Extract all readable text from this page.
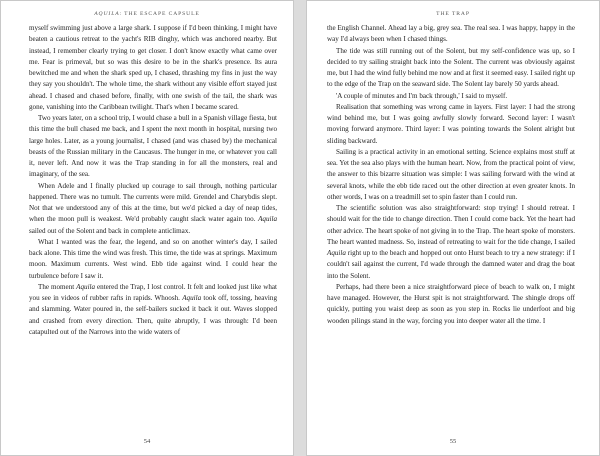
AQUILA: THE ESCAPE CAPSULE

myself swimming just above a large shark. I suppose if I'd been thinking, I might have beaten a cautious retreat to the yacht's RIB dinghy, which was anchored nearby. But instead, I remember clearly trying to get closer. I don't know exactly what came over me. Fear is primeval, but so was this desire to be in the shark's presence. Its aura bewitched me and when the shark sped up, I chased, thrashing my fins in just the way they say you shouldn't. The whole time, the shark without any visible effort stayed just ahead. I chased and chased before, finally, with one swish of the tail, the shark was gone, vanishing into the Caribbean twilight. That's when I became scared.

Two years later, on a school trip, I would chase a bull in a Spanish village fiesta, but this time the bull chased me back, and I spent the next month in hospital, nursing two large holes. Later, as a young journalist, I chased (and was chased by) the mechanical beasts of the Russian military in the Caucasus. The hunger in me, or whatever you call it, never left. And now it was the Trap standing in for all the monsters, real and imaginary, of the sea.

When Adele and I finally plucked up courage to sail through, nothing particular happened. There was no tumult. The currents were mild. Grendel and Charybdis slept. Not that we understood any of this at the time, but we'd picked a day of neap tides, when the moon pull is weakest. We'd probably caught slack water again too. Aquila sailed out of the Solent and back in complete anticlimax.

What I wanted was the fear, the legend, and so on another winter's day, I sailed back alone. This time the wind was fresh. This time, the tide was at springs. Maximum moon. Maximum currents. West wind. Ebb tide against wind. I could hear the turbulence before I saw it.

The moment Aquila entered the Trap, I lost control. It felt and looked just like what you see in videos of rubber rafts in rapids. Whoosh. Aquila took off, tossing, heaving and slamming. Water poured in, the self-bailers sucked it back it out. Waves slopped and crashed from every direction. Then, quite abruptly, I was through: I'd been catapulted out of the Narrows into the wide waters of

54
THE TRAP

the English Channel. Ahead lay a big, grey sea. The real sea. I was happy, happy in the way I'd always been when I chased things.

The tide was still running out of the Solent, but my self-confidence was up, so I decided to try sailing straight back into the Solent. The current was obviously against me, but I had the wind fully behind me now and at first it seemed easy. I sailed right up to the edge of the Trap on the seaward side. The Solent lay barely 50 yards ahead.

'A couple of minutes and I'm back through,' I said to myself.

Realisation that something was wrong came in layers. First layer: I had the strong wind behind me, but I was going awfully slowly forward. Second layer: I wasn't moving forward anymore. Third layer: I was pointing towards the Solent alright but sliding backward.

Sailing is a practical activity in an emotional setting. Science explains most stuff at sea. Yet the sea also plays with the human heart. Now, from the practical point of view, the answer to this bizarre situation was simple: I was sailing forward with the wind at several knots, while the ebb tide raced out the other direction at even greater knots. In other words, I was on a treadmill set to spin faster than I could run.

The scientific solution was also straightforward: stop trying! I should retreat. I should wait for the tide to change direction. Then I could come back. Yet the heart had other advice. The heart spoke of not giving in to the Trap. The heart spoke of monsters. The heart wanted madness. So, instead of retreating to wait for the tide change, I sailed Aquila right up to the beach and hopped out onto Hurst beach to try a new strategy: if I couldn't sail against the current, I'd wade through the damned water and drag the boat into the Solent.

Perhaps, had there been a nice straightforward piece of beach to walk on, I might have managed. However, the Hurst spit is not straightforward. The shingle drops off quickly, putting you waist deep as soon as you step in. Rocks lie underfoot and big wooden pilings stand in the way, forcing you into deeper water all the time. I

55
